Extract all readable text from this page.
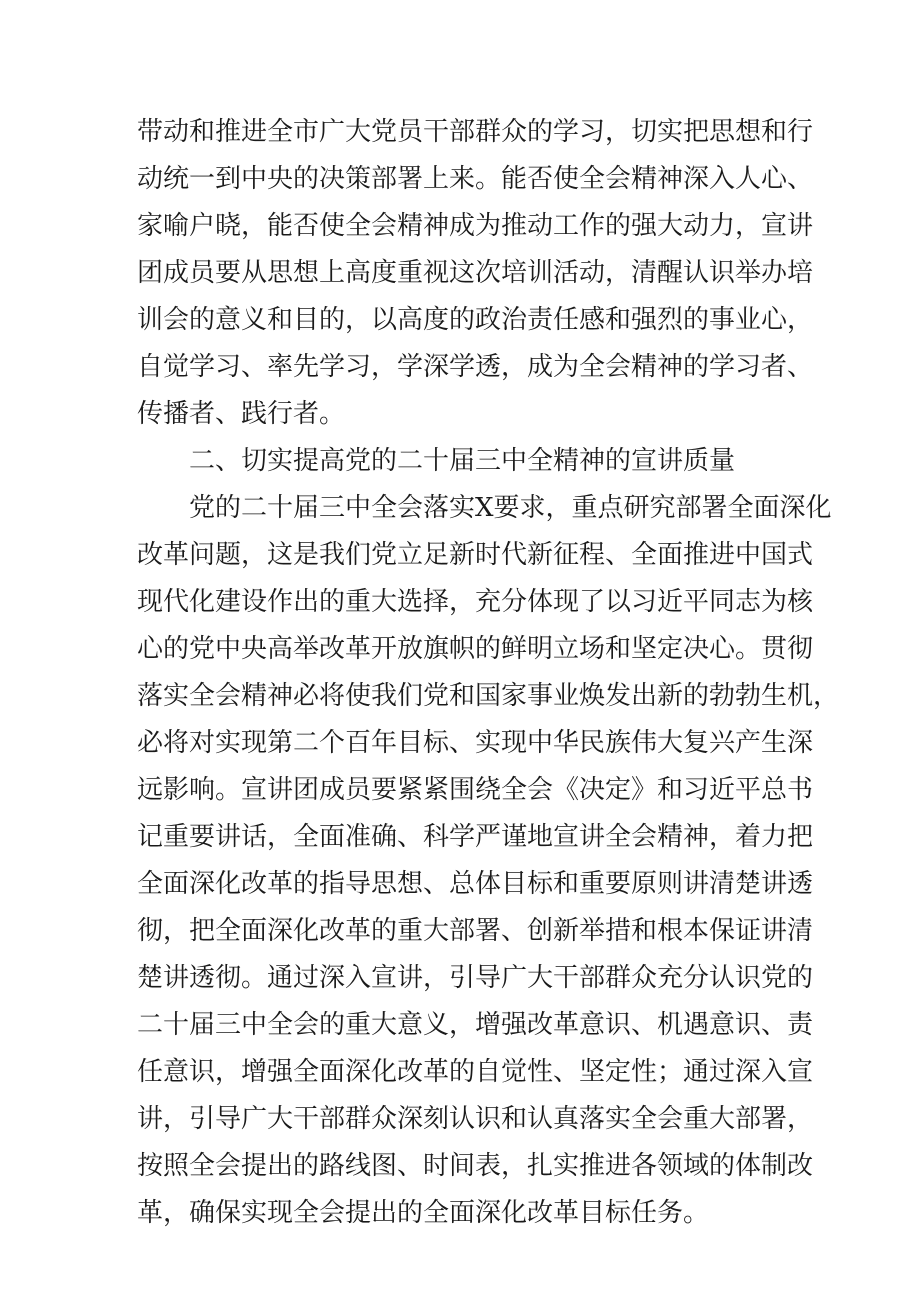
带动和推进全市广大党员干部群众的学习，切实把思想和行
动统一到中央的决策部署上来。能否使全会精神深入人心、
家喻户晓，能否使全会精神成为推动工作的强大动力，宣讲
团成员要从思想上高度重视这次培训活动，清醒认识举办培
训会的意义和目的，以高度的政治责任感和强烈的事业心，
自觉学习、率先学习，学深学透，成为全会精神的学习者、
传播者、践行者。
二、切实提高党的二十届三中全精神的宣讲质量
党的二十届三中全会落实X要求，重点研究部署全面深化
改革问题，这是我们党立足新时代新征程、全面推进中国式
现代化建设作出的重大选择，充分体现了以习近平同志为核
心的党中央高举改革开放旗帜的鲜明立场和坚定决心。贯彻
落实全会精神必将使我们党和国家事业焕发出新的勃勃生机，
必将对实现第二个百年目标、实现中华民族伟大复兴产生深
远影响。宣讲团成员要紧紧围绕全会《决定》和习近平总书
记重要讲话，全面准确、科学严谨地宣讲全会精神，着力把
全面深化改革的指导思想、总体目标和重要原则讲清楚讲透
彻，把全面深化改革的重大部署、创新举措和根本保证讲清
楚讲透彻。通过深入宣讲，引导广大干部群众充分认识党的
二十届三中全会的重大意义，增强改革意识、机遇意识、责
任意识，增强全面深化改革的自觉性、坚定性；通过深入宣
讲，引导广大干部群众深刻认识和认真落实全会重大部署，
按照全会提出的路线图、时间表，扎实推进各领域的体制改
革，确保实现全会提出的全面深化改革目标任务。
